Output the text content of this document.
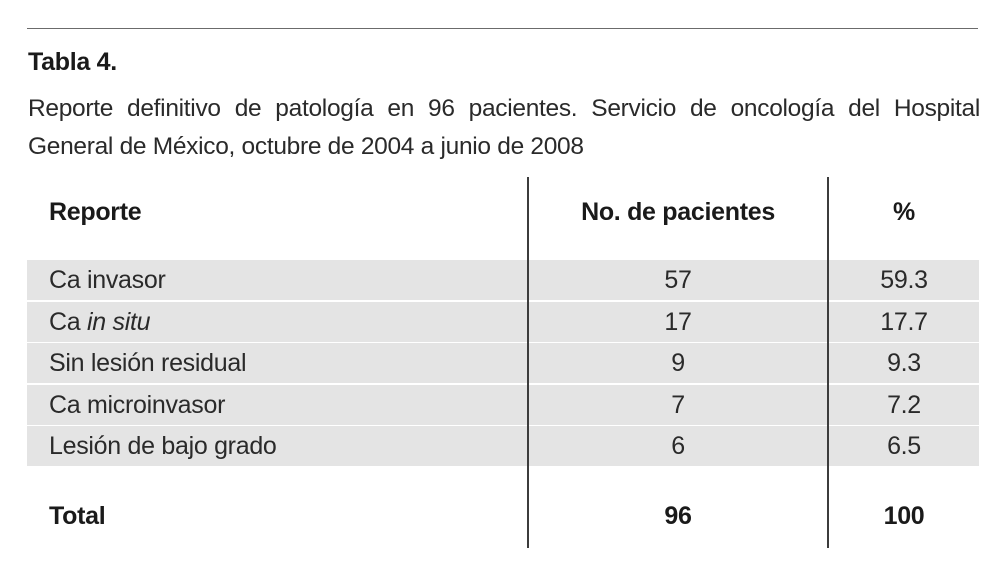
Tabla 4.
Reporte definitivo de patología en 96 pacientes. Servicio de oncología del Hospital General de México, octubre de 2004 a junio de 2008
Reporte	No. de pacientes	%
Ca invasor	57	59.3
Ca in situ	17	17.7
Sin lesión residual	9	9.3
Ca microinvasor	7	7.2
Lesión de bajo grado	6	6.5
Total	96	100
